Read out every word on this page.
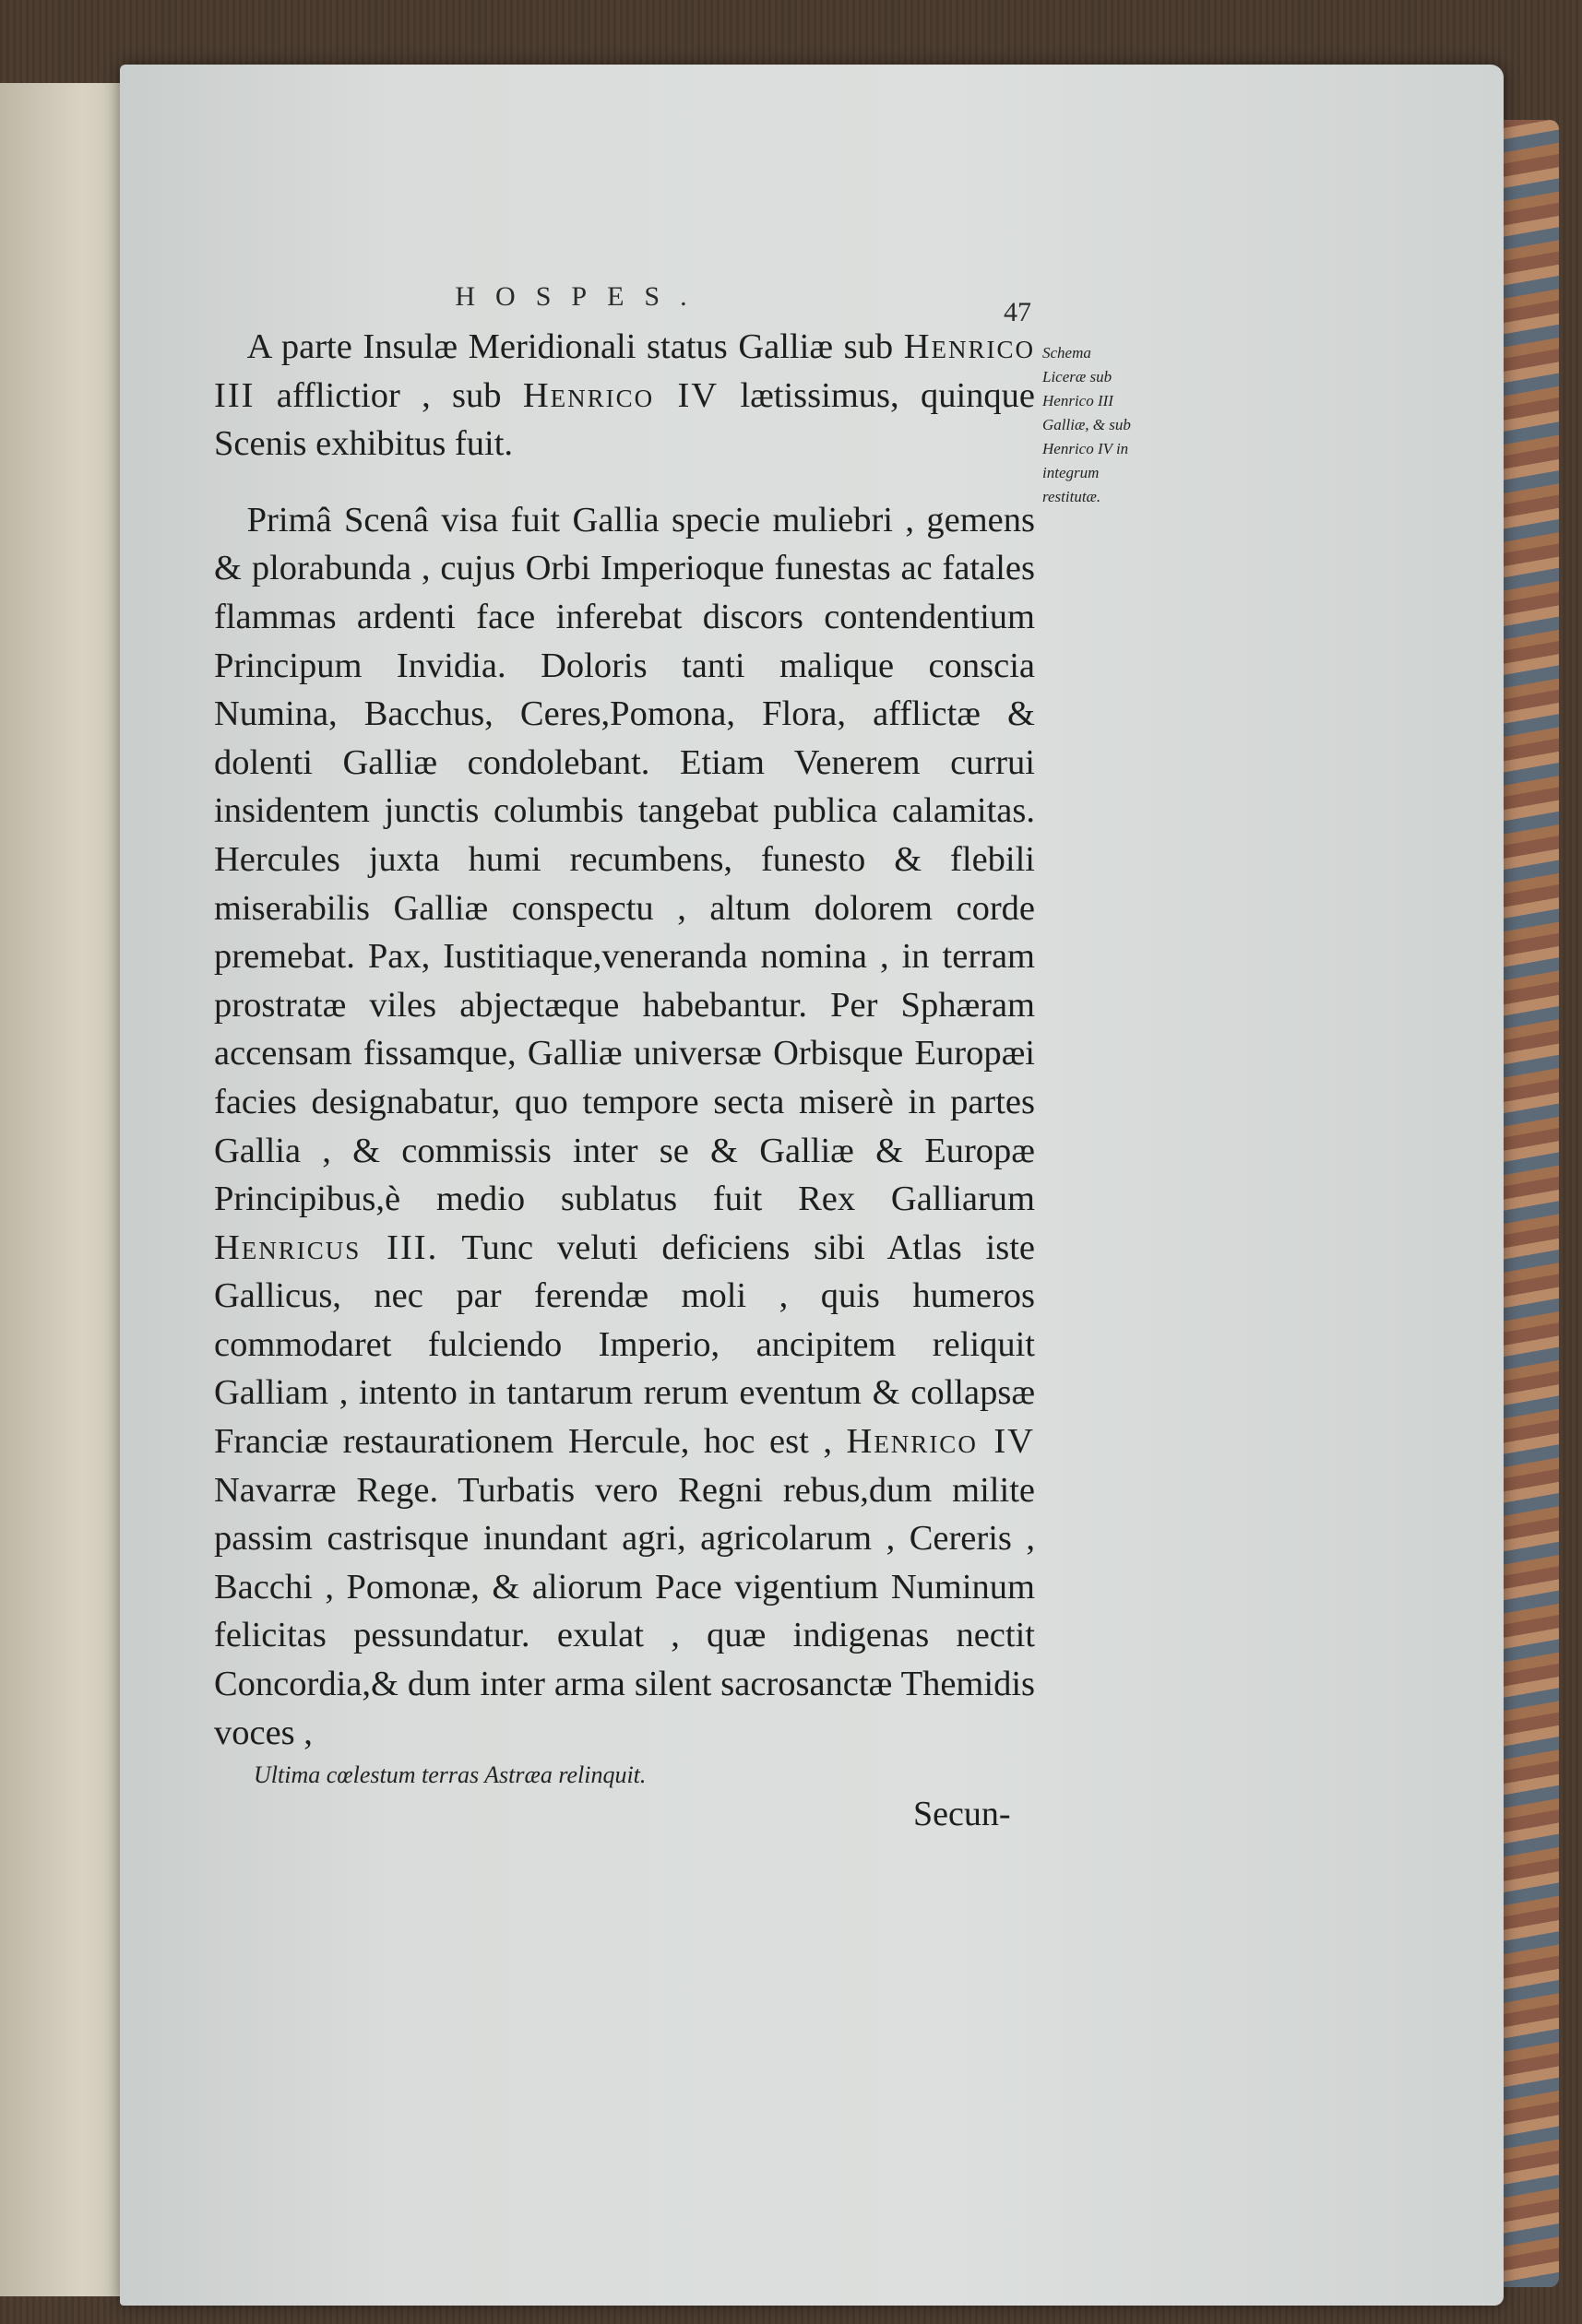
HOSPES.
47

A parte Insulæ Meridionali status Galliæ sub Henrico III afflictior , sub Henrico IV lætissimus, quinque Scenis exhibitus fuit.

Primâ Scenâ visa fuit Gallia specie muliebri , gemens & plorabunda , cujus Orbi Imperioque funestas ac fatales flammas ardenti face inferebat discors contendentium Principum Invidia. Doloris tanti malique conscia Numina, Bacchus, Ceres,Pomona, Flora, afflictæ & dolenti Galliæ condolebant. Etiam Venerem currui insidentem junctis columbis tangebat publica calamitas. Hercules juxta humi recumbens, funesto & flebili miserabilis Galliæ conspectu , altum dolorem corde premebat. Pax, Iustitiaque,veneranda nomina , in terram prostratæ viles abjectæque habebantur. Per Sphæram accensam fissamque, Galliæ universæ Orbisque Europæi facies designabatur, quo tempore secta miserè in partes Gallia , & commissis inter se & Galliæ & Europæ Principibus,è medio sublatus fuit Rex Galliarum Henricus III. Tunc veluti deficiens sibi Atlas iste Gallicus, nec par ferendæ moli , quis humeros commodaret fulciendo Imperio, ancipitem reliquit Galliam , intento in tantarum rerum eventum & collapsæ Franciæ restaurationem Hercule, hoc est , Henrico IV Navarræ Rege. Turbatis vero Regni rebus,dum milite passim castrisque inundant agri, agricolarum , Cereris , Bacchi , Pomonæ, & aliorum Pace vigentium Numinum felicitas pessundatur. exulat , quæ indigenas nectit Concordia,& dum inter arma silent sacrosanctæ Themidis voces ,

Schema Liceræ sub Henrico III Galliæ, & sub Henrico IV in integrum restitutæ.
Ultima cœlestum terras Astræa relinquit.
Secun-
